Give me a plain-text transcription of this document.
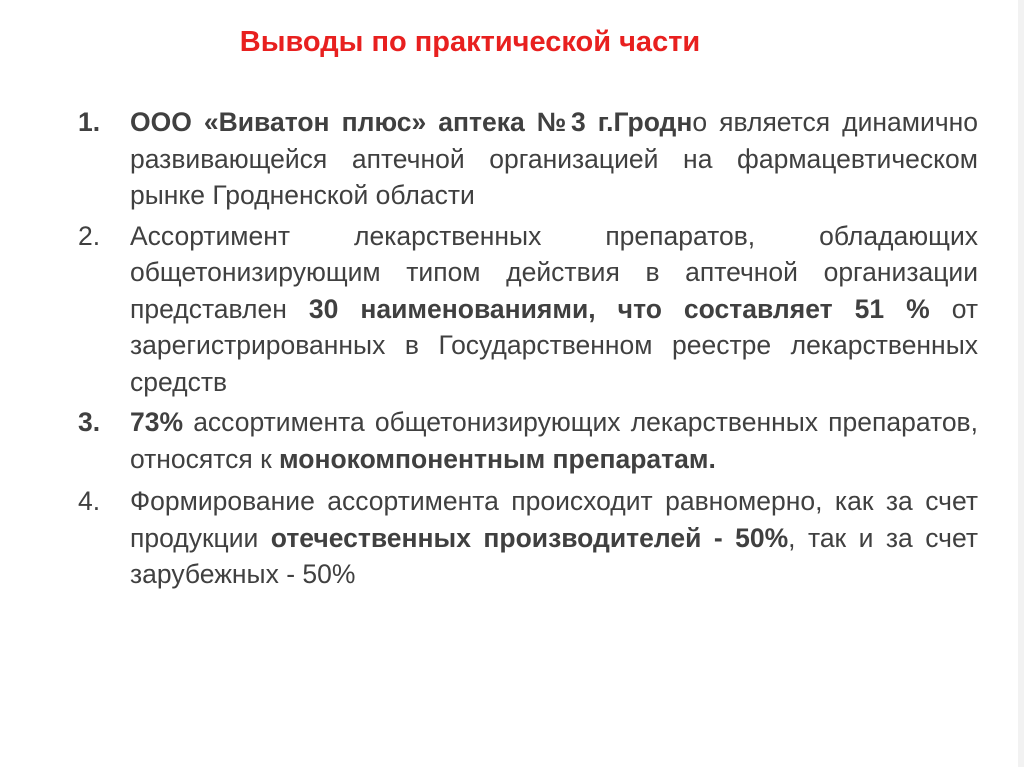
Выводы по практической части
1.	ООО «Виватон плюс» аптека №3 г.Гродно является динамично развивающейся аптечной организацией на фармацевтическом рынке Гродненской области
2.	Ассортимент лекарственных препаратов, обладающих общетонизирующим типом действия в аптечной организации представлен 30 наименованиями, что составляет 51 % от зарегистрированных в Государственном реестре лекарственных средств
3.	73% ассортимента общетонизирующих лекарственных препаратов, относятся к монокомпонентным препаратам.
4.	Формирование ассортимента происходит равномерно, как за счет продукции отечественных производителей - 50%, так и за счет зарубежных - 50%
